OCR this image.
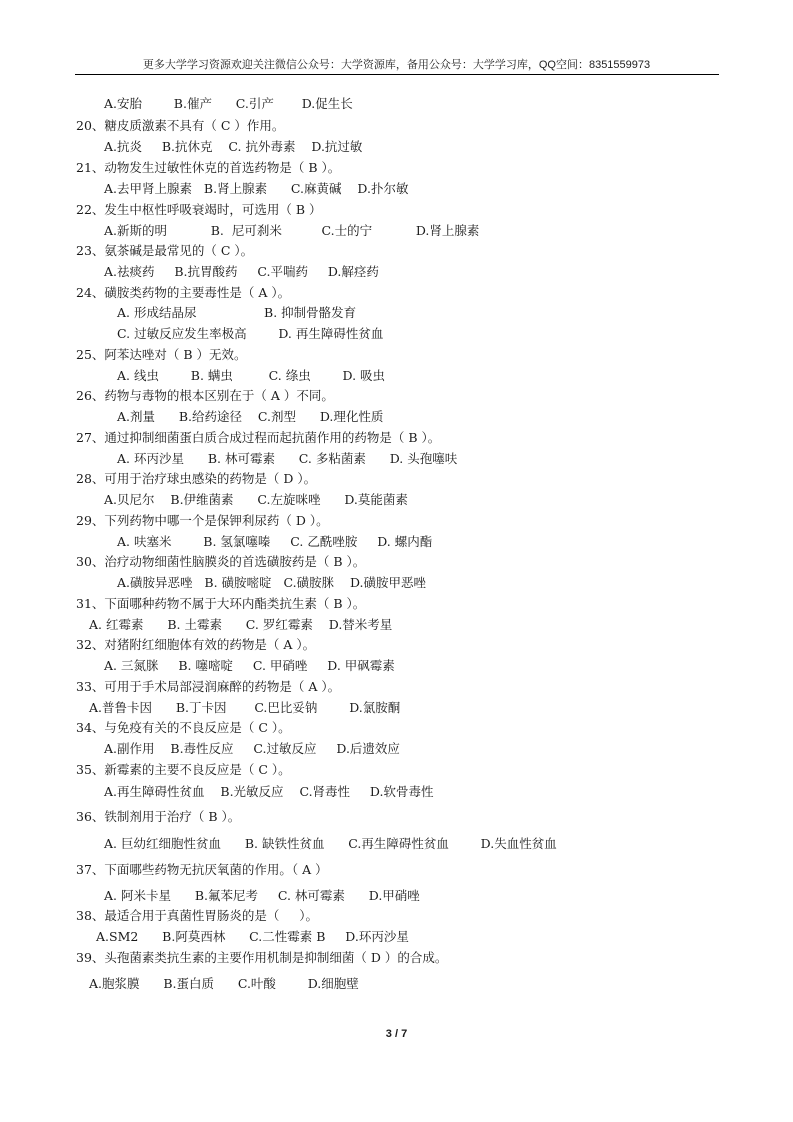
更多大学学习资源欢迎关注微信公众号：大学资源库，备用公众号：大学学习库，QQ空间：8351559973
A.安胎        B.催产      C.引产       D.促生长
20、糖皮质激素不具有（ C ）作用。
A.抗炎     B.抗休克    C. 抗外毒素    D.抗过敏
21、动物发生过敏性休克的首选药物是（ B ）。
A.去甲肾上腺素   B.肾上腺素      C.麻黄碱    D.扑尔敏
22、发生中枢性呼吸衰竭时，可选用（ B ）
A.新斯的明           B.  尼可刹米          C.士的宁           D.肾上腺素
23、氨茶碱是最常见的（ C ）。
A.祛痰药     B.抗胃酸药     C.平喘药     D.解痉药
24、磺胺类药物的主要毒性是（ A ）。
A. 形成结晶尿                 B. 抑制骨骼发育
C. 过敏反应发生率极高        D. 再生障碍性贫血
25、阿苯达唑对（ B ）无效。
A. 线虫        B. 螨虫         C. 绦虫        D. 吸虫
26、药物与毒物的根本区别在于（ A ）不同。
A.剂量      B.给药途径    C.剂型      D.理化性质
27、通过抑制细菌蛋白质合成过程而起抗菌作用的药物是（ B ）。
A. 环丙沙星      B. 林可霉素      C. 多粘菌素      D. 头孢噻呋
28、可用于治疗球虫感染的药物是（ D ）。
A.贝尼尔    B.伊维菌素      C.左旋咪唑      D.莫能菌素
29、下列药物中哪一个是保钾利尿药（ D ）。
A. 呋塞米        B. 氢氯噻嗪     C. 乙酰唑胺     D. 螺内酯
30、治疗动物细菌性脑膜炎的首选磺胺药是（ B ）。
A.磺胺异恶唑   B. 磺胺嘧啶   C.磺胺脒    D.磺胺甲恶唑
31、下面哪种药物不属于大环内酯类抗生素（ B ）。
A. 红霉素      B. 土霉素      C. 罗红霉素    D.替米考星
32、对猪附红细胞体有效的药物是（ A ）。
A. 三氮脒     B. 噻嘧啶     C. 甲硝唑     D. 甲砜霉素
33、可用于手术局部浸润麻醉的药物是（ A ）。
A.普鲁卡因      B.丁卡因       C.巴比妥钠        D.氯胺酮
34、与免疫有关的不良反应是（ C ）。
A.副作用    B.毒性反应     C.过敏反应     D.后遗效应
35、新霉素的主要不良反应是（ C ）。
A.再生障碍性贫血    B.光敏反应    C.肾毒性     D.软骨毒性
36、铁制剂用于治疗（ B ）。
A. 巨幼红细胞性贫血      B. 缺铁性贫血      C.再生障碍性贫血        D.失血性贫血
37、下面哪些药物无抗厌氧菌的作用。（ A ）
A. 阿米卡星      B.氟苯尼考     C. 林可霉素      D.甲硝唑
38、最适合用于真菌性胃肠炎的是（     ）。
A.SM2      B.阿莫西林      C.二性霉素 B     D.环丙沙星
39、头孢菌素类抗生素的主要作用机制是抑制细菌（ D ）的合成。
A.胞浆膜      B.蛋白质      C.叶酸        D.细胞壁
3 / 7
